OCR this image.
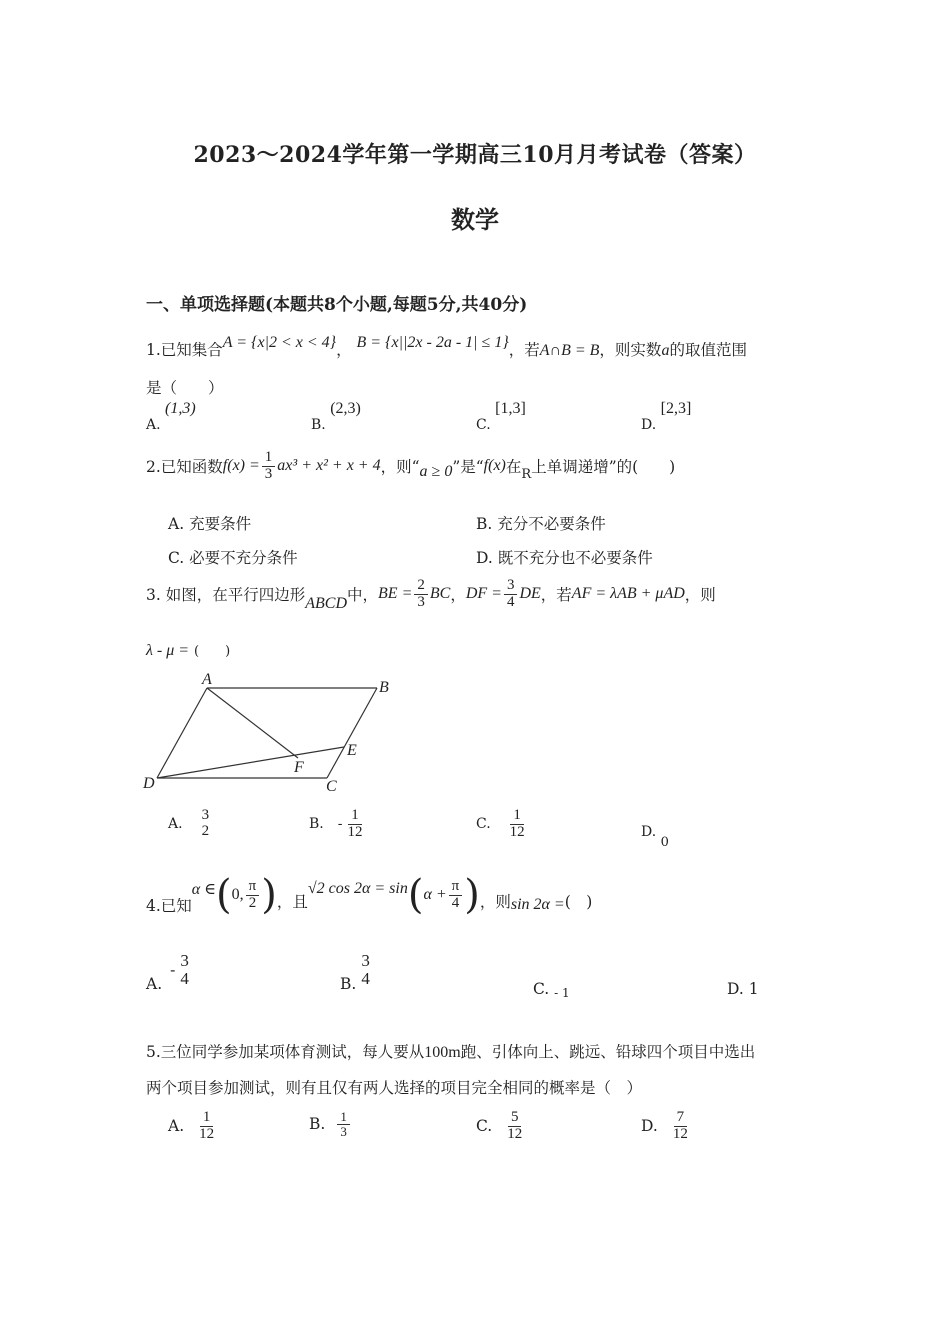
2023～2024学年第一学期高三10月月考试卷（答案）
数学
一、单项选择题(本题共8个小题,每题5分,共40分)
1.已知集合A = {x|2 < x < 4}， B = {x||2x - 2a - 1| ≤ 1}，若A∩B = B，则实数a的取值范围
是（　　）
A. (1,3)
B. (2,3)
C. [1,3]
D. [2,3]
2.已知函数 $f(x) = \frac{1}{3} ax^3 + x^2 + x + 4$ ，则“ a ≥ 0 ”是“ f(x) 在 R 上单调递增”的(　　)
A. 充要条件	B. 充分不必要条件
C. 必要不充分条件	D. 既不充分也不必要条件
3. 如图，在平行四边形 ABCD 中， BE = $\frac{2}{3}$ BC ， DF = $\frac{3}{4}$ DE ，若 AF = λAB + μAD ，则
λ - μ = (　　)
A	B
C
D
E
F
A.
3
2	B. - $\frac{1}{12}$	C. $\frac{1}{12}$	D. 0
4.已知
α ∈ ( 0, $\frac{\pi}{2}$ ) ，且
√2 cos 2α = sin ( $\alpha + \frac{\pi}{4}$ ) ，则 sin 2α = (　)
A.
- 3
4	B.
3
4
C. - 1	D. 1
5.三位同学参加某项体育测试，每人要从100m跑、引体向上、跳远、铅球四个项目中选出
两个项目参加测试，则有且仅有两人选择的项目完全相同的概率是（　）
A. $\frac{1}{12}$	B. $\frac{1}{3}$	C. $\frac{5}{12}$	D. $\frac{7}{12}$
